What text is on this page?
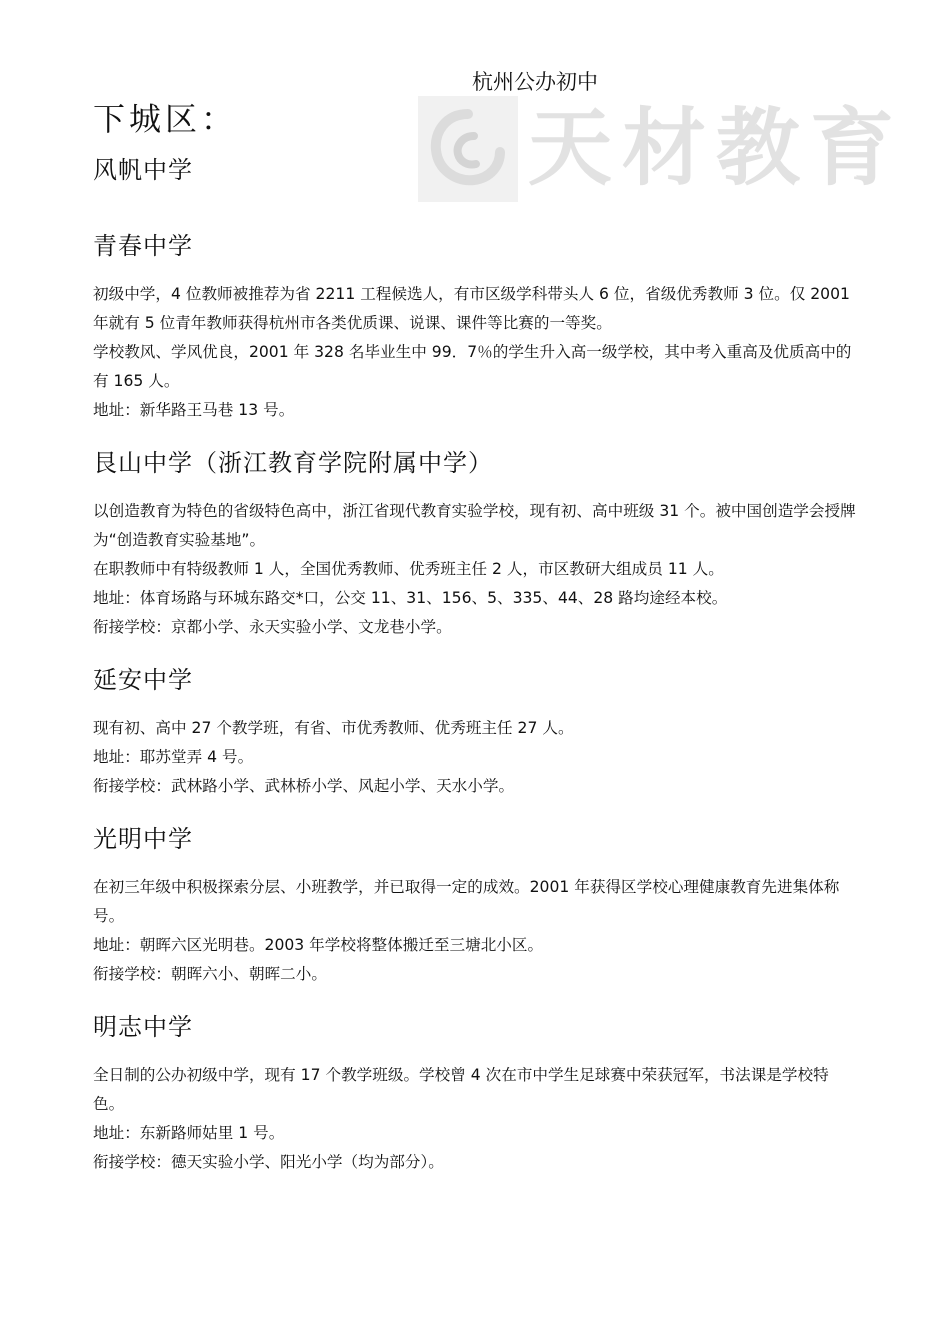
天材教育
杭州公办初中
下城区：
风帆中学
青春中学

初级中学，4 位教师被推荐为省 2211 工程候选人，有市区级学科带头人 6 位，省级优秀教师 3 位。仅 2001 年就有 5 位青年教师获得杭州市各类优质课、说课、课件等比赛的一等奖。

学校教风、学风优良，2001 年 328 名毕业生中 99．7％的学生升入高一级学校，其中考入重高及优质高中的有 165 人。

地址：新华路王马巷 13 号。

艮山中学（浙江教育学院附属中学）

以创造教育为特色的省级特色高中，浙江省现代教育实验学校，现有初、高中班级 31 个。被中国创造学会授牌为“创造教育实验基地”。

在职教师中有特级教师 1 人，全国优秀教师、优秀班主任 2 人，市区教研大组成员 11 人。

地址：体育场路与环城东路交*口，公交 11、31、156、5、335、44、28 路均途经本校。

衔接学校：京都小学、永天实验小学、文龙巷小学。

延安中学

现有初、高中 27 个教学班，有省、市优秀教师、优秀班主任 27 人。

地址：耶苏堂弄 4 号。

衔接学校：武林路小学、武林桥小学、风起小学、天水小学。

光明中学

在初三年级中积极探索分层、小班教学，并已取得一定的成效。2001 年获得区学校心理健康教育先进集体称号。

地址：朝晖六区光明巷。2003 年学校将整体搬迁至三塘北小区。

衔接学校：朝晖六小、朝晖二小。

明志中学

全日制的公办初级中学，现有 17 个教学班级。学校曾 4 次在市中学生足球赛中荣获冠军，书法课是学校特色。

地址：东新路师姑里 1 号。

衔接学校：德天实验小学、阳光小学（均为部分）。
